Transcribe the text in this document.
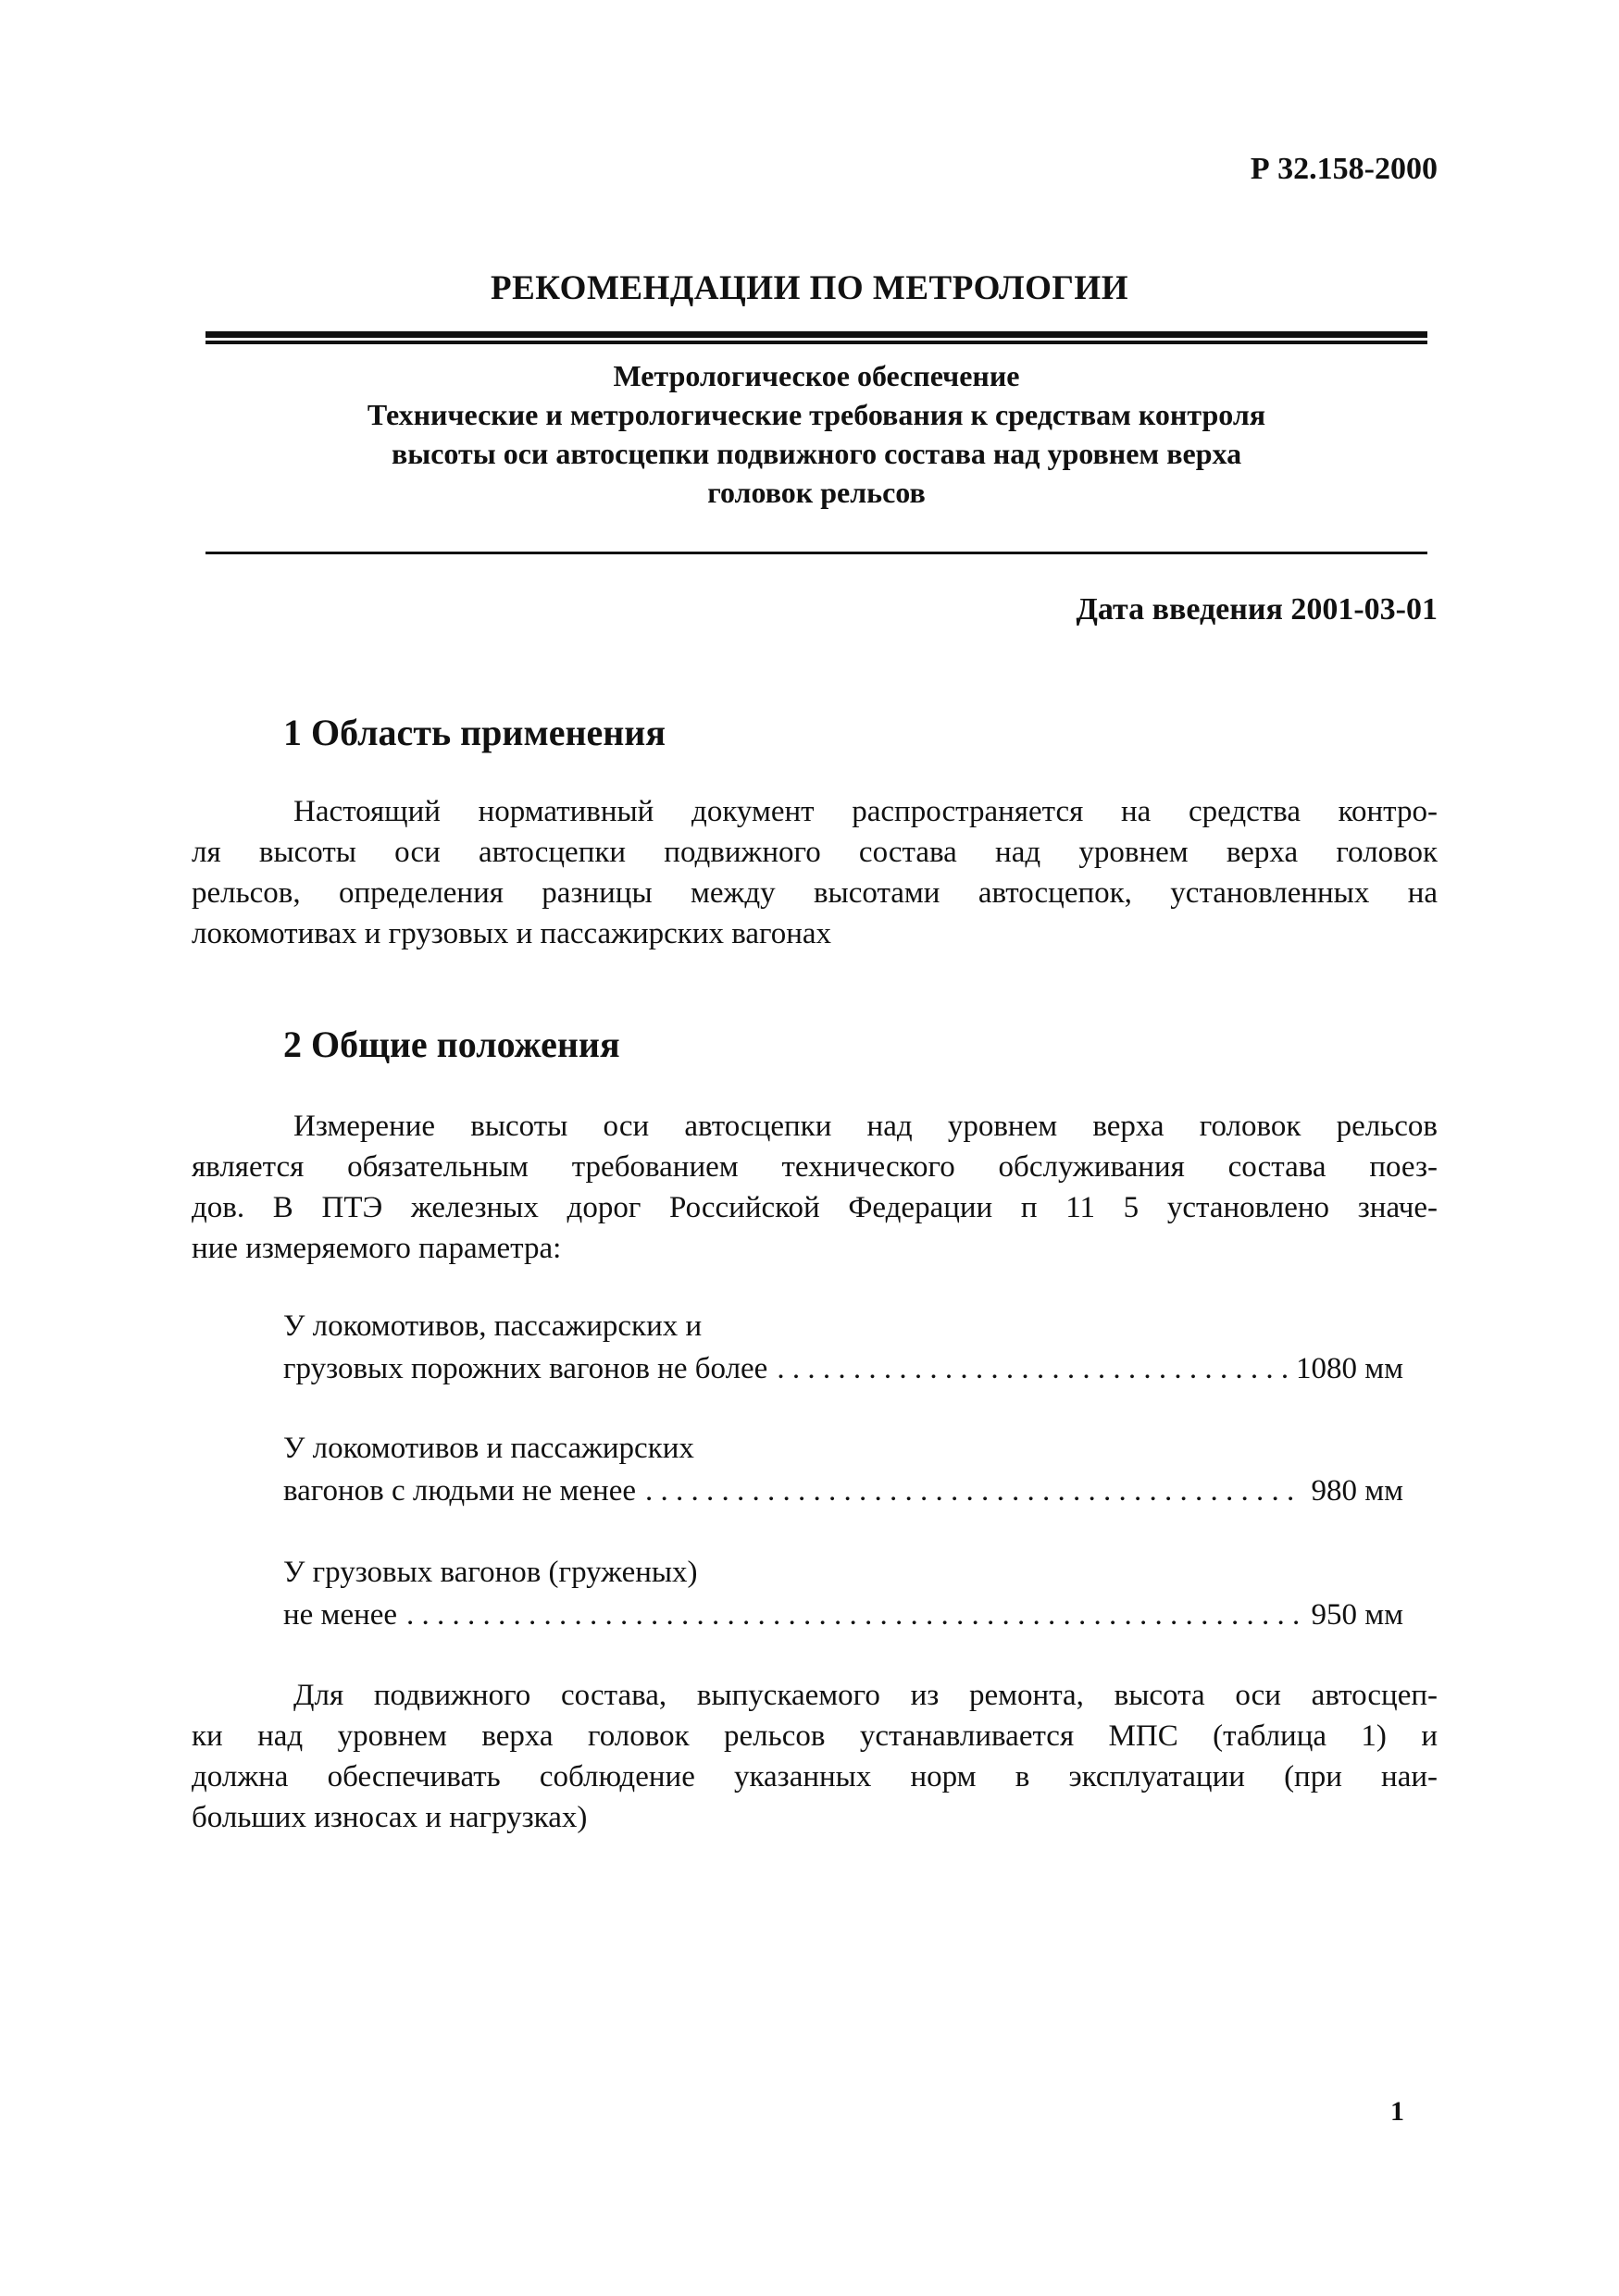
Р 32.158-2000
РЕКОМЕНДАЦИИ ПО МЕТРОЛОГИИ
Метрологическое обеспечение
Технические и метрологические требования к средствам контроля
высоты оси автосцепки подвижного состава над уровнем верха
головок рельсов
Дата введения 2001-03-01
1 Область применения
Настоящий нормативный документ распространяется на средства контро-
ля высоты оси автосцепки подвижного состава над уровнем верха головок
рельсов, определения разницы между высотами автосцепок, установленных на
локомотивах и грузовых и пассажирских вагонах
2 Общие положения
Измерение высоты оси автосцепки над уровнем верха головок рельсов
является обязательным требованием технического обслуживания состава поез-
дов. В ПТЭ железных дорог Российской Федерации п 11 5 установлено значе-
ние измеряемого параметра:
У локомотивов, пассажирских и
грузовых порожних вагонов не более . . .	1080 мм
У локомотивов и пассажирских
вагонов с людьми не менее . . .	980 мм
У грузовых вагонов (груженых)
не менее . . .	950 мм
Для подвижного состава, выпускаемого из ремонта, высота оси автосцеп-
ки над уровнем верха головок рельсов устанавливается МПС (таблица 1) и
должна обеспечивать соблюдение указанных норм в эксплуатации (при наи-
больших износах и нагрузках)
1
